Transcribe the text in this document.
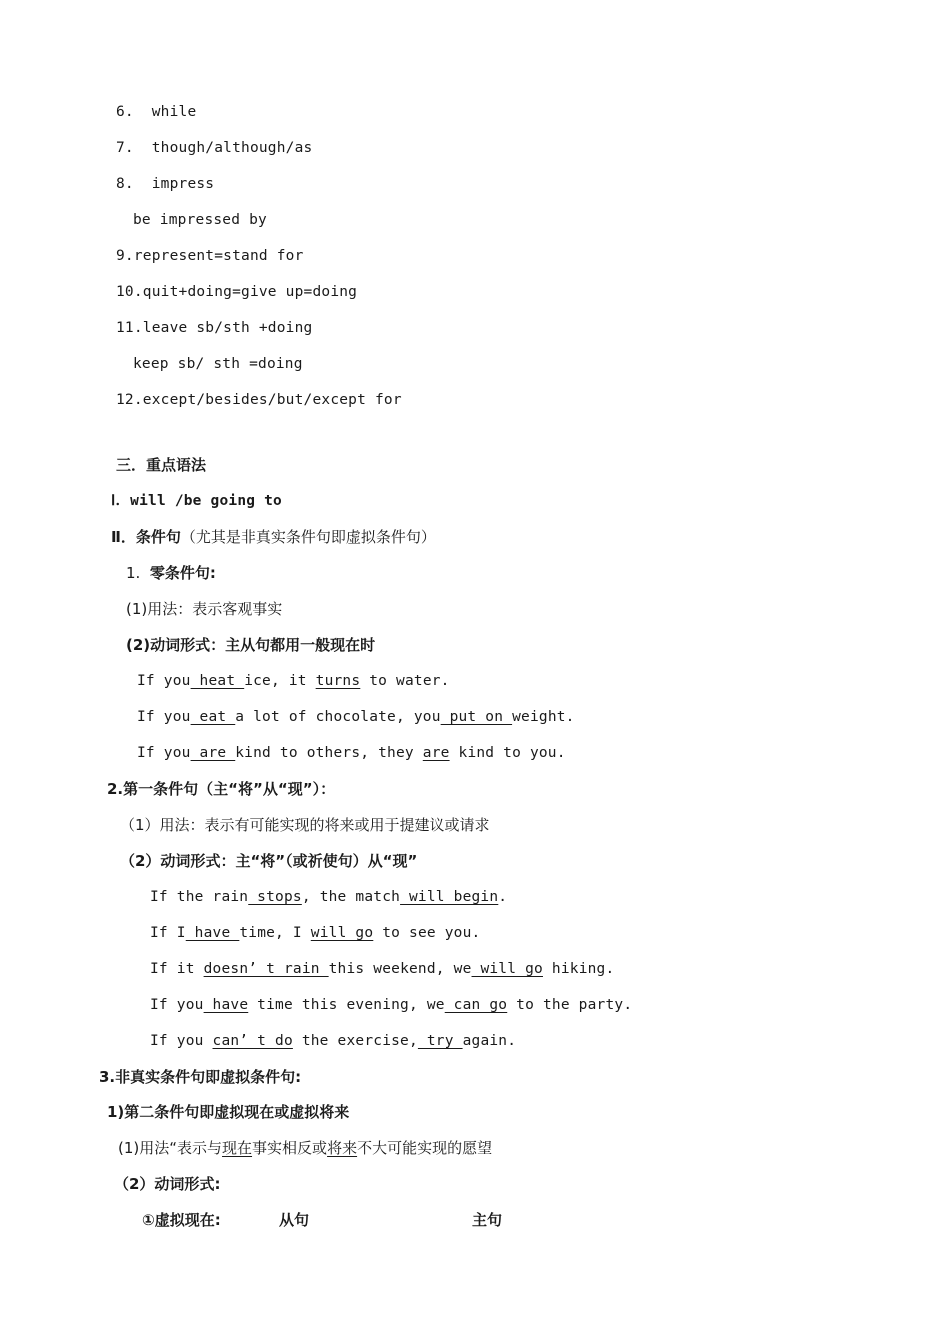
6.  while
7.  though/although/as
8.  impress
be impressed by
9.represent=stand for
10.quit+doing=give up=doing
11.leave sb/sth +doing
keep sb/ sth =doing
12.except/besides/but/except for
三．重点语法
Ⅰ．will /be going to
Ⅱ．条件句（尤其是非真实条件句即虚拟条件句）
1.  零条件句:
(1)用法：表示客观事实
(2)动词形式：主从句都用一般现在时
If you heat ice, it turns to water.
If you eat a lot of chocolate, you put on weight.
If you are kind to others, they are kind to you.
2.第一条件句（主“将”从“现”）：
（1）用法：表示有可能实现的将来或用于提建议或请求
（2）动词形式：主“将”（或祈使句）从“现”
If the rain stops, the match will begin.
If I have time, I will go to see you.
If it doesn’ t rain this weekend, we will go hiking.
If you have time this evening, we can go to the party.
If you can’ t do the exercise, try again.
3.非真实条件句即虚拟条件句:
1)第二条件句即虚拟现在或虚拟将来
(1)用法“表示与现在事实相反或将来不大可能实现的愿望
（2）动词形式:
①虚拟现在:	从句	主句
